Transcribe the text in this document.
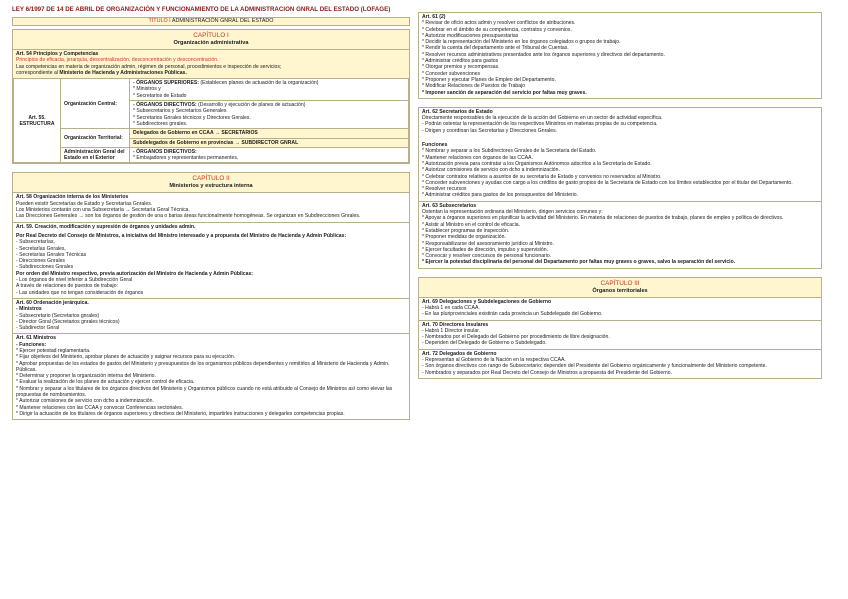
LEY 6/1997 DE 14 DE ABRIL DE ORGANIZACIÓN Y FUNCIONAMIENTO DE LA ADMINISTRACION GNRAL DEL ESTADO (LOFAGE)
TÍTULO I ADMINISTRACIÓN GNRAL DEL ESTADO
CAPÍTULO I
Organización administrativa
Art. 54 Principios y Competencias
Principios de eficacia, jerarquía, descentralización, desconcentración y desconcentración.
Las competencias en materia de organización admin, régimen de personal, procedimientos e inspección de servicios;
correspondiente al Ministerio de Hacienda y Administraciones Públicas.
Art. 55. ESTRUCTURA	Organización Central:	- ÓRGANOS SUPERIORES: (Establecen planes de actuación de la organización)
* Ministros y
* Secretarios de Estado

		- ÓRGANOS DIRECTIVOS: (Desarrollo y ejecución de planes de actuación)
* Subsecretarios y Secretarios Generales
* Secretarios Gnrales técnicos y Directores Gnrales.
* Subdirectores gnrales.

	Organización Territorial:	Delegados de Gobierno en CCAA → SECRETARIOS
		Subdelegados de Gobierno en provincias → SUBDIRECTOR GNRAL
	Administración Gnral del Estado en el Exterior	- ÓRGANOS DIRECTIVOS:
* Embajadores y representantes permanentes.
CAPÍTULO II
Ministerios y estructura interna
Art. 58 Organización interna de los Ministerios
Pueden existir Secretarías de Estado y Secretarías Gnrales.
Los Ministerios contarán con una Subsecretaría → Secretaría Gnral Técnica.
Las Direcciones Generales → son los órganos de gestión de una o barias áreas funcionalmente homogéneas. Se organizan en Subdirecciones Gnrales.
Art. 59. Creación, modificación y supresión de órganos y unidades admin.
Por Real Decreto del Consejo de Ministros, a iniciativa del Ministro interesado y a propuesta del Ministro de Hacienda y Admin Públicas:
- Subsecretarías,
- Secretarías Gnrales,
- Secretarías Gnrales Técnicas
- Direcciones Gnrales
- Subdirecciones Gnrales
Por orden del Ministro respectivo, previa autorización del Ministro de Hacienda y Admin Públicas:
- Los órganos de nivel inferior a Subdirección Gnral
A través de relaciones de puestos de trabajo:
- Las unidades que no tengan consideración de órganos
Art. 60 Ordenación jerárquica.
- Ministros
- Subsecretario (Secretarios gnrales)
- Director Gnral (Secretarios gnrales técnicos)
- Subdirector Gnral
Art. 61 Ministros
- Funciones:
* Ejercer potestad reglamentaria.
* Fijar objetivos del Ministerio, aprobar planes de actuación y asignar recursos para su ejecución.
* Aprobar propuestas de los estados de gastos del Ministerio y presupuestos de los organismos públicos dependientes y remitirlos al Ministerio de Hacienda y Admin. Públicas.
* Determinar y proponer la organización interna del Ministerio.
* Evaluar la realización de los planes de actuación y ejercer control de eficacia.
* Nombrar y separar a los titulares de los órganos directivos del Ministerio y Organismos públicos cuando no está atribuido al Consejo de Ministros así como elevar las propuestas de nombramientos.
* Autorizar comisiones de servicio con dcho a indemnización.
* Mantener relaciones con las CCAA y convocar Conferencias sectoriales.
* Dirigir la actuación de los titulares de órganos superiores y directivos del Ministerio, impartirles instrucciones y delegarles competencias propias.
Art. 61 (2)
* Revisar de oficio actos admin y resolver conflictos de atribuciones.
* Celebrar en el ámbito de su competencia, contratos y convenios.
* Autorizar modificaciones presupuestarias
* Decidir la representación del Ministerio en los órganos colegiados o grupos de trabajo.
* Rendir la cuenta del departamento ante el Tribunal de Cuentas.
* Resolver recursos administrativos presentados ante los órganos superiores y directivos del departamento.
* Administrar créditos para gastos
* Otorgar premios y recompensas.
* Conceder subvenciones
* Proponer y ejecutar Planes de Empleo del Departamento.
* Modificar Relaciones de Puestos de Trabajo
* Imponer sanción de separación del servicio por faltas muy graves.
Art. 62 Secretarios de Estado
Directamente responsables de la ejecución de la acción del Gobierno en un sector de actividad específica.
- Podrán ostentar la representación de los respectivos Ministros en materias propias de su competencia.
- Dirigen y coordinan las Secretarías y Direcciones Gnrales.
Funciones
* Nombrar y separar a los Subdirectores Gnrales de la Secretaría del Estado.
* Mantener relaciones con órganos de las CCAA.
* Autorización previa para contratar a los Organismos Autónomos adscritos a la Secretaría de Estado.
* Autorizar comisiones de servicio con dcho a indemnización.
* Celebrar contratos relativos a asuntos de su secretaría de Estado y convenios no reservados al Ministro.
* Conceder subvenciones y ayudas con cargo a los créditos de gasto propios de la Secretaría de Estado con los límites establecidos por el titular del Departamento.
* Resolver recursos
* Administrar créditos para gastos de los presupuestos del Ministerio.
Art. 63 Subsecretarios
Ostentan la representación ordinaria del Ministerio, dirigen servicios comunes y:
* Apoyar a órganos superiores en planificar la actividad del Ministerio. En materia de relaciones de puestos de trabajo, planes de empleo y política de directivos.
* Asistir al Ministro en el control de eficacia.
* Establecer programas de inspección.
* Proponer medidas de organización.
* Responsabilizarse del asesoramiento jurídico al Ministro.
* Ejercer facultades de dirección, impulso y supervisión.
* Convocar y resolver concursos de personal funcionario.
* Ejercer la potestad disciplinaria del personal del Departamento por faltas muy graves o graves, salvo la separación del servicio.
CAPÍTULO III
Órganos territoriales
Art. 69 Delegaciones y Subdelegaciones de Gobierno
- Habrá 1 en cada CCAA.
- En las pluriprovinciales existirán cada provincia un Subdelegado del Gobierno.
Art. 70 Directores Insulares
- Habrá 1 Director insular.
- Nombrados por el Delegado del Gobierno por procedimiento de libre designación.
- Dependen del Delegado de Gobierno o Subdelegado.
Art. 72 Delegados de Gobierno
- Representan al Gobierno de la Nación en la respectiva CCAA.
- Son órganos directivos con rango de Subsecretario; dependen del Presidente del Gobierno orgánicamente y funcionalmente del Ministerio competente.
- Nombrados y separados por Real Decreto del Consejo de Ministros a propuesta del Presidente del Gobierno.
